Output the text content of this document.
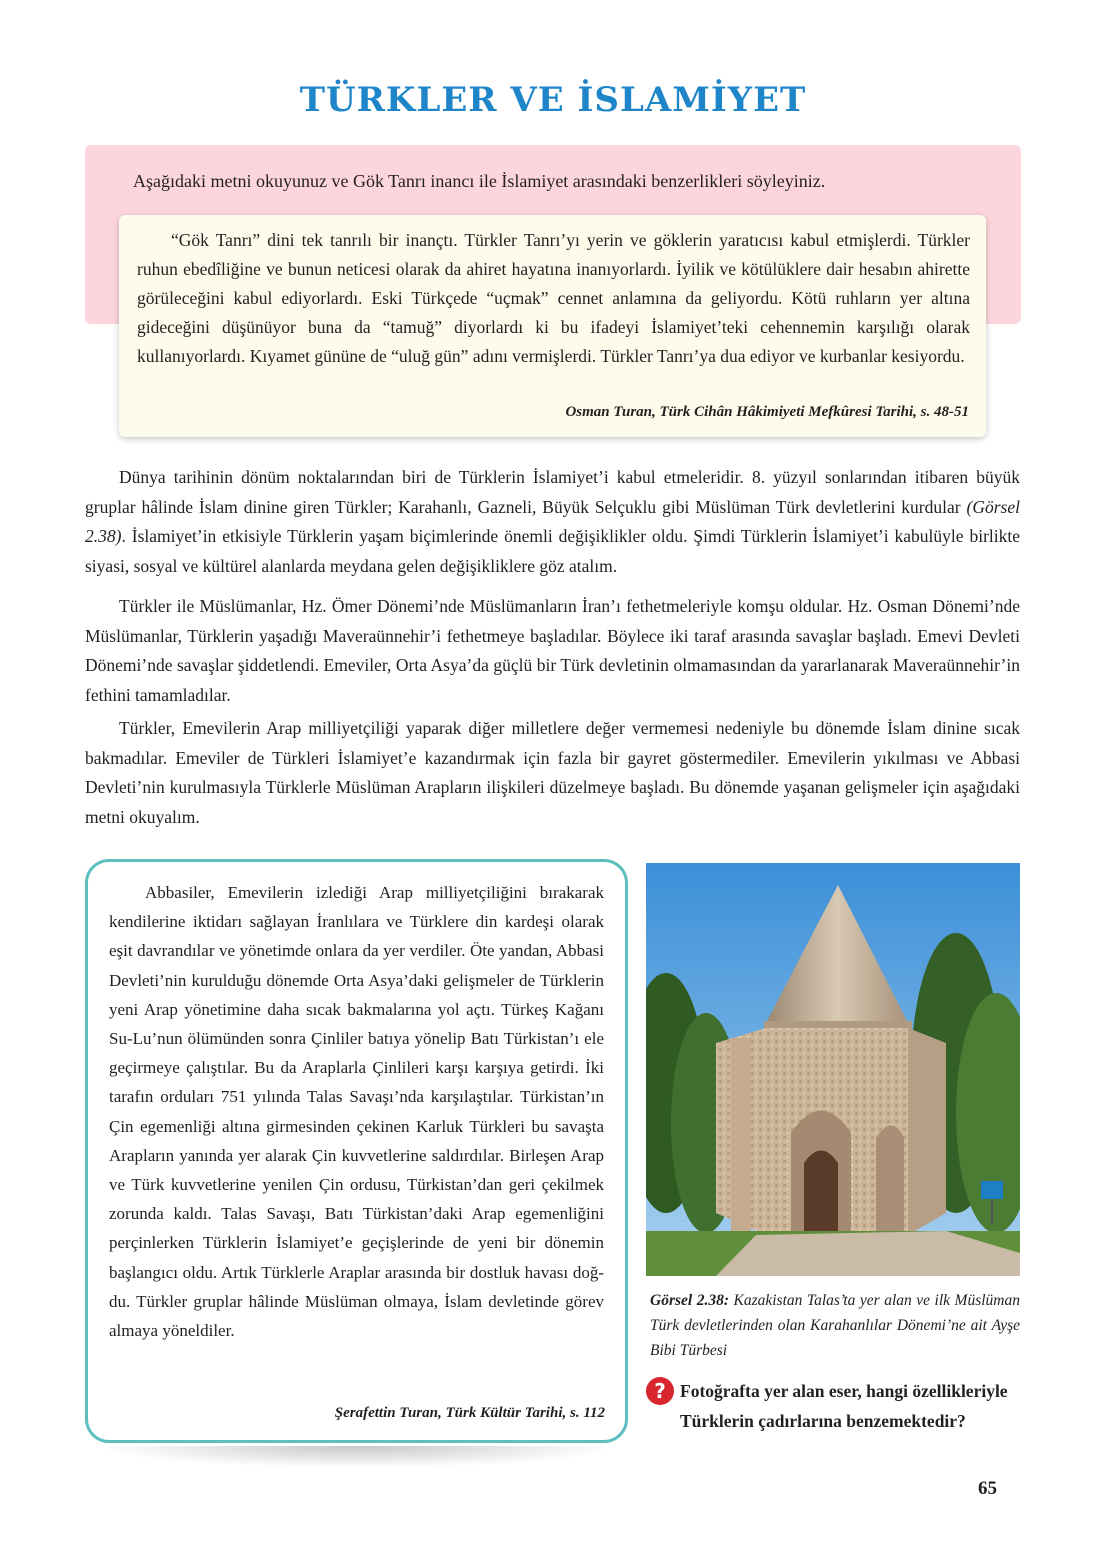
TÜRKLER VE İSLAMİYET

Aşağıdaki metni okuyunuz ve Gök Tanrı inancı ile İslamiyet arasındaki benzerlikleri söyleyiniz.

“Gök Tanrı” dini tek tanrılı bir inançtı. Türkler Tanrı’yı yerin ve göklerin yaratıcısı kabul etmişlerdi. Türkler ruhun ebedîliğine ve bunun neticesi olarak da ahiret hayatına inanıyorlardı. İyilik ve kötülüklere dair hesabın ahirette görüleceğini kabul ediyorlardı. Eski Türkçede “uçmak” cennet anlamına da geliyordu. Kötü ruhların yer altına gideceğini düşünüyor buna da “tamuğ” diyorlardı ki bu ifadeyi İslamiyet’teki cehennemin karşılığı olarak kullanıyorlardı. Kıyamet gününe de “uluğ gün” adını vermişlerdi. Türkler Tanrı’ya dua ediyor ve kurbanlar kesiyordu.

Osman Turan, Türk Cihân Hâkimiyeti Mefkûresi Tarihi, s. 48-51

Dünya tarihinin dönüm noktalarından biri de Türklerin İslamiyet’i kabul etmeleridir. 8. yüzyıl sonlarından itibaren büyük gruplar hâlinde İslam dinine giren Türkler; Karahanlı, Gazneli, Büyük Selçuklu gibi Müslüman Türk devletlerini kurdular (Görsel 2.38). İslamiyet’in etkisiyle Türklerin yaşam biçimlerinde önemli değişiklikler oldu. Şimdi Türklerin İslamiyet’i kabulüyle birlikte siyasi, sosyal ve kültürel alanlarda meydana gelen değişikliklere göz atalım.

Türkler ile Müslümanlar, Hz. Ömer Dönemi’nde Müslümanların İran’ı fethetmeleriyle komşu oldular. Hz. Osman Dönemi’nde Müslümanlar, Türklerin yaşadığı Maveraünnehir’i fethetmeye başladılar. Böylece iki taraf arasında savaşlar başladı. Emevi Devleti Dönemi’nde savaşlar şiddetlendi. Emeviler, Orta Asya’da güçlü bir Türk devletinin olmamasından da yararlanarak Maveraünnehir’in fethini tamamladılar.

Türkler, Emevilerin Arap milliyetçiliği yaparak diğer milletlere değer vermemesi nedeniyle bu dönemde İslam dinine sıcak bakmadılar. Emeviler de Türkleri İslamiyet’e kazandırmak için fazla bir gayret göstermediler. Emevilerin yıkılması ve Abbasi Devleti’nin kurulmasıyla Türklerle Müslüman Arapların ilişkileri düzelmeye başladı. Bu dönemde yaşanan gelişmeler için aşağıdaki metni okuyalım.

Abbasiler, Emevilerin izlediği Arap milliyetçiliğini bırakarak kendilerine iktidarı sağlayan İranlılara ve Türklere din kardeşi olarak eşit davrandılar ve yönetimde onlara da yer verdiler. Öte yandan, Abbasi Devleti’nin kurulduğu dönemde Orta Asya’daki gelişmeler de Türklerin yeni Arap yönetimine daha sıcak bakmalarına yol açtı. Türkeş Kağanı Su-Lu’nun ölümünden sonra Çinliler batıya yönelip Batı Türkistan’ı ele geçirmeye çalıştılar. Bu da Araplarla Çinlileri karşı karşıya getirdi. İki tarafın orduları 751 yılında Talas Savaşı’nda karşılaştılar. Türkistan’ın Çin egemenliği altına girmesinden çekinen Karluk Türkleri bu savaşta Arapların yanında yer alarak Çin kuvvetlerine saldırdılar. Birleşen Arap ve Türk kuvvetlerine yenilen Çin ordusu, Türkistan’dan geri çekilmek zorunda kaldı. Talas Savaşı, Batı Türkistan’daki Arap egemenliğini perçinlerken Türklerin İslamiyet’e geçişlerinde de yeni bir dönemin başlangıcı oldu. Artık Türklerle Araplar arasında bir dostluk havası doğdu. Türkler gruplar hâlinde Müslüman olmaya, İslam devletinde görev almaya yöneldiler.

Şerafettin Turan, Türk Kültür Tarihi, s. 112

Görsel 2.38: Kazakistan Talas’ta yer alan ve ilk Müslüman Türk devletlerinden olan Karahanlılar Dönemi’ne ait Ayşe Bibi Türbesi

? Fotoğrafta yer alan eser, hangi özellikleriyle Türklerin çadırlarına benzemektedir?

65
